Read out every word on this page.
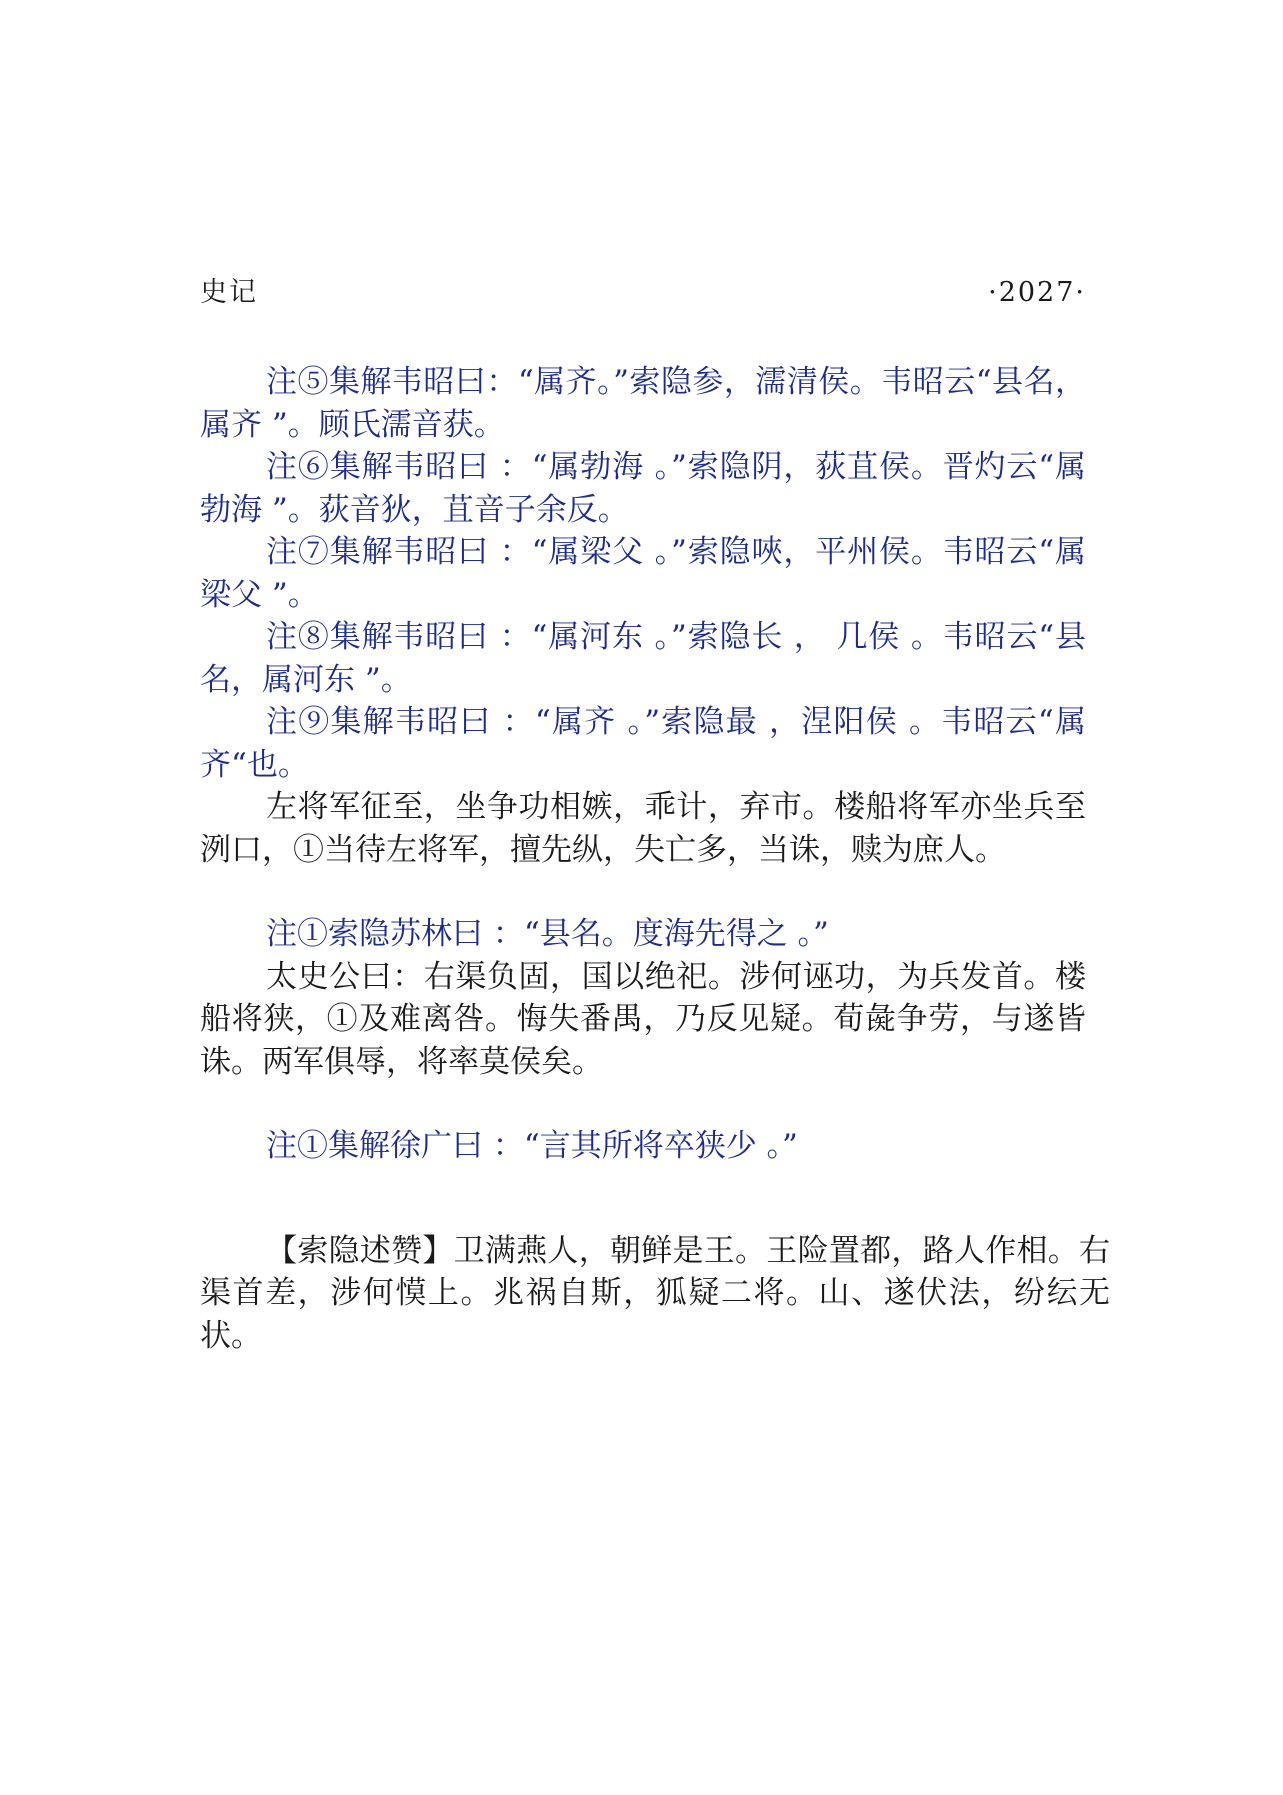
史记	·2027·

注⑤集解韦昭曰：“属齐。”索隐参，濡清侯。韦昭云“县名，属齐 ”。顾氏濡音获。

注⑥集解韦昭曰 ：“属勃海 。”索隐阴，荻苴侯。晋灼云“属勃海 ”。荻音狄，苴音子余反。

注⑦集解韦昭曰 ：“属梁父 。”索隐唊，平州侯。韦昭云“属梁父 ”。

注⑧集解韦昭曰 ：“属河东 。”索隐长 ， 几侯 。韦昭云“县名，属河东 ”。

注⑨集解韦昭曰 ：“属齐 。”索隐最 ，涅阳侯 。韦昭云“属齐“也。

左将军征至，坐争功相嫉，乖计，弃市。楼船将军亦坐兵至洌口，①当待左将军，擅先纵，失亡多，当诛，赎为庶人。

注①索隐苏林曰 ：“县名。度海先得之 。”

太史公曰：右渠负固，国以绝祀。涉何诬功，为兵发首。楼船将狭，①及难离咎。悔失番禺，乃反见疑。荀彘争劳，与遂皆诛。两军俱辱，将率莫侯矣。

注①集解徐广曰 ：“言其所将卒狭少 。”

【索隐述赞】卫满燕人，朝鲜是王。王险置都，路人作相。右渠首差，涉何慔上。兆祸自斯，狐疑二将。山、遂伏法，纷纭无状。
